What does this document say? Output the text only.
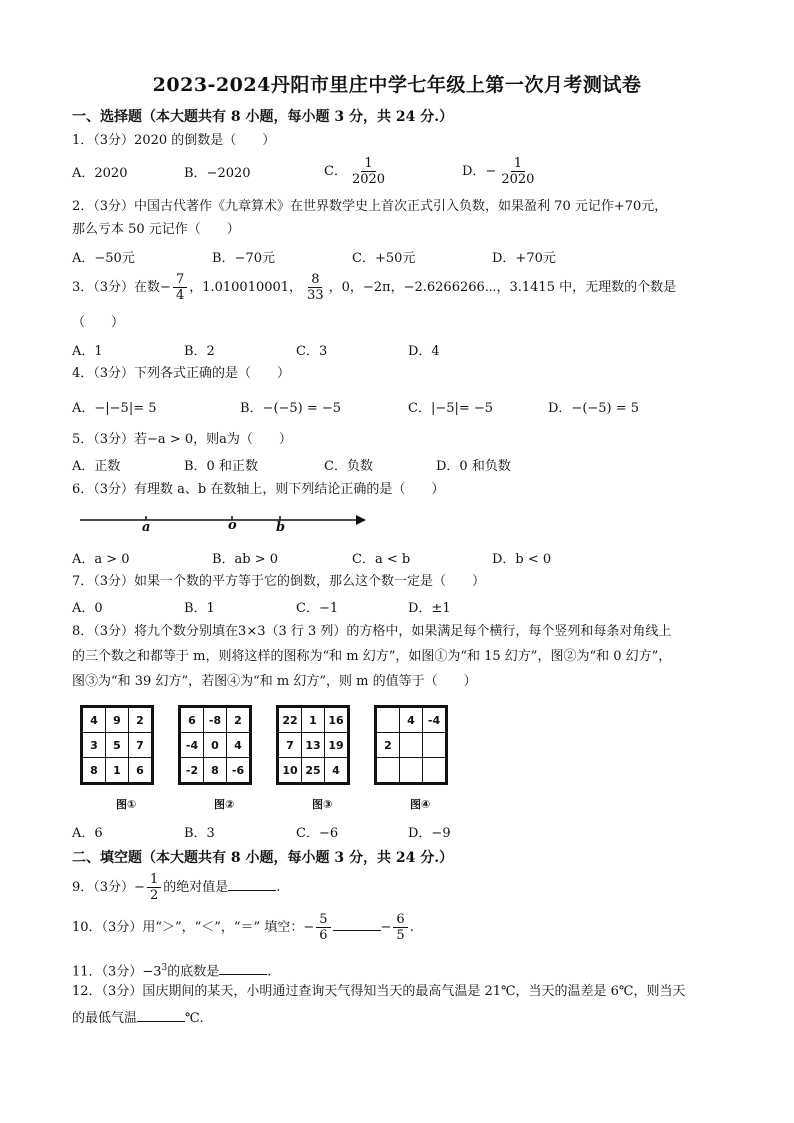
2023-2024丹阳市里庄中学七年级上第一次月考测试卷
一、选择题（本大题共有 8 小题，每小题 3 分，共 24 分.）
1．（3分）2020 的倒数是（　　）
A．2020	B．−2020	C． $\frac{1}{2020}$	D．− $\frac{1}{2020}$
2．（3分）中国古代著作《九章算术》在世界数学史上首次正式引入负数，如果盈利 70 元记作+70元，
那么亏本 50 元记作（　　）
A．−50元	B．−70元	C．+50元	D．+70元
3．（3分）在数− $\frac{7}{4}$ ，1.010010001， $\frac{8}{33}$ ，0，−2π，−2.6266266⋯，3.1415 中，无理数的个数是
（　　）
A．1	B．2	C．3	D．4
4．（3分）下列各式正确的是（　　）
A．−|−5|= 5	B．−(−5) = −5	C．|−5|= −5	D．−(−5) = 5
5．（3分）若−a > 0，则a为（　　）
A．正数	B．0 和正数	C．负数	D．0 和负数
6．（3分）有理数 a、b 在数轴上，则下列结论正确的是（　　）
a	o	b
A．a > 0	B．ab > 0	C．a < b	D．b < 0
7．（3分）如果一个数的平方等于它的倒数，那么这个数一定是（　　）
A．0	B．1	C．−1	D．±1
8．（3分）将九个数分别填在3×3（3 行 3 列）的方格中，如果满足每个横行，每个竖列和每条对角线上
的三个数之和都等于 m，则将这样的图称为“和 m 幻方”，如图①为“和 15 幻方”，图②为“和 0 幻方”，
图③为“和 39 幻方”，若图④为“和 m 幻方”，则 m 的值等于（　　）
4	9	2
3	5	7
8	1	6
图①
6	-8	2
-4	0	4
-2	8	-6
图②
22	1	16
7	13	19
10	25	4
图③
	4	-4
2		

图④
A．6	B．3	C．−6	D．−9
二、填空题（本大题共有 8 小题，每小题 3 分，共 24 分.）
9．（3分）− $\frac{1}{2}$ 的绝对值是	.
10．（3分）用“＞”，“＜”，“＝” 填空：− $\frac{5}{6}$	− $\frac{6}{5}$ .
11．（3分）$-3^3$的底数是	.
12．（3分）国庆期间的某天，小明通过查询天气得知当天的最高气温是 21℃，当天的温差是 6℃，则当天
的最低气温	℃.
